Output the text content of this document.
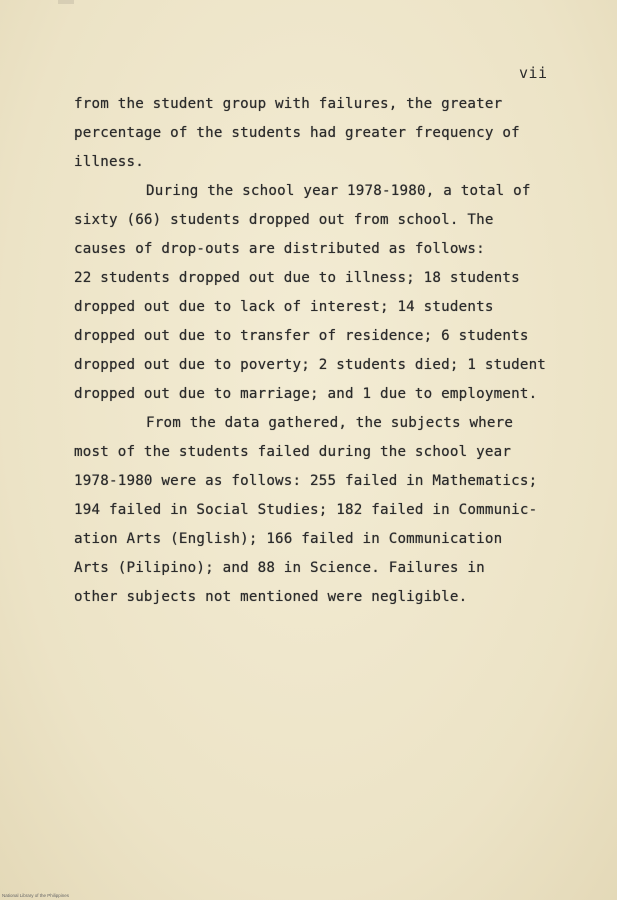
vii
from the student group with failures, the greater
percentage of the students had greater frequency of
illness.
During the school year 1978-1980, a total of
sixty (66) students dropped out from school. The
causes of drop-outs are distributed as follows:
22 students dropped out due to illness; 18 students
dropped out due to lack of interest; 14 students
dropped out due to transfer of residence; 6 students
dropped out due to poverty; 2 students died; 1 student
dropped out due to marriage; and 1 due to employment.
From the data gathered, the subjects where
most of the students failed during the school year
1978-1980 were as follows: 255 failed in Mathematics;
194 failed in Social Studies; 182 failed in Communic-
ation Arts (English); 166 failed in Communication
Arts (Pilipino); and 88 in Science. Failures in
other subjects not mentioned were negligible.
National Library of the Philippines
